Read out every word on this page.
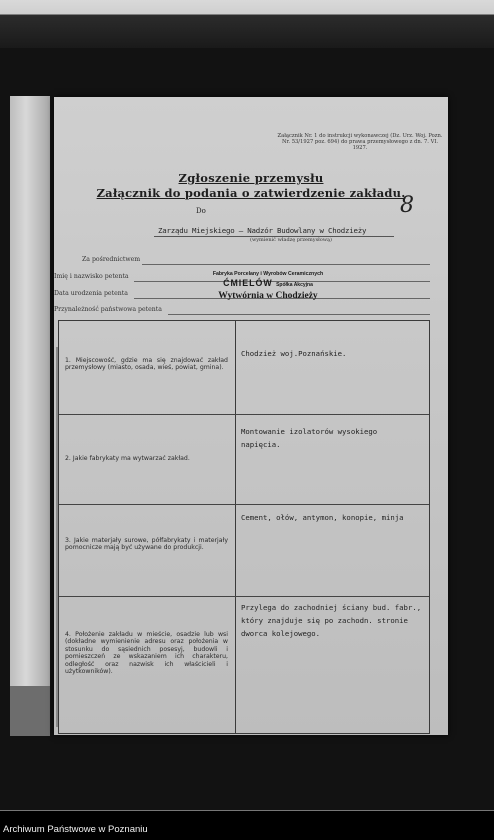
Załącznik Nr. 1 do instrukcji wykonawczej (Dz. Urz. Woj. Pozn. Nr. 53/1927 poz. 694) do prawa przemysłowego z dn. 7. VI. 1927.
Zgłoszenie przemysłu
Załącznik do podania o zatwierdzenie zakładu.
Do	8
Zarządu Miejskiego – Nadzór Budowlany w Chodzieży
(wymienić władzę przemysłową)
Za pośrednictwem
Imię i nazwisko petenta
Data urodzenia petenta
Przynależność państwowa petenta
Fabryka Porcelany i Wyrobów Ceramicznych
ĆMIELÓW Spółka Akcyjna
Wytwórnia w Chodzieży
1. Miejscowość, gdzie ma się znajdować zakład przemysłowy (miasto, osada, wieś, powiat, gmina).
Chodzież woj.Poznańskie.
2. Jakie fabrykaty ma wytwarzać zakład.
Montowanie izolatorów wysokiego napięcia.
3. Jakie materjały surowe, półfabrykaty i materjały pomocnicze mają być używane do produkcji.
Cement, ołów, antymon, konopie, minja
4. Położenie zakładu w mieście, osadzie lub wsi (dokładne wymienienie adresu oraz położenia w stosunku do sąsiednich posesyj, budowli i pomieszczeń ze wskazaniem ich charakteru, odległość oraz nazwisk ich właścicieli i użytkowników).
Przylega do zachodniej ściany bud. fabr., który znajduje się po zachodn. stronie dworca kolejowego.
Archiwum Państwowe w Poznaniu
